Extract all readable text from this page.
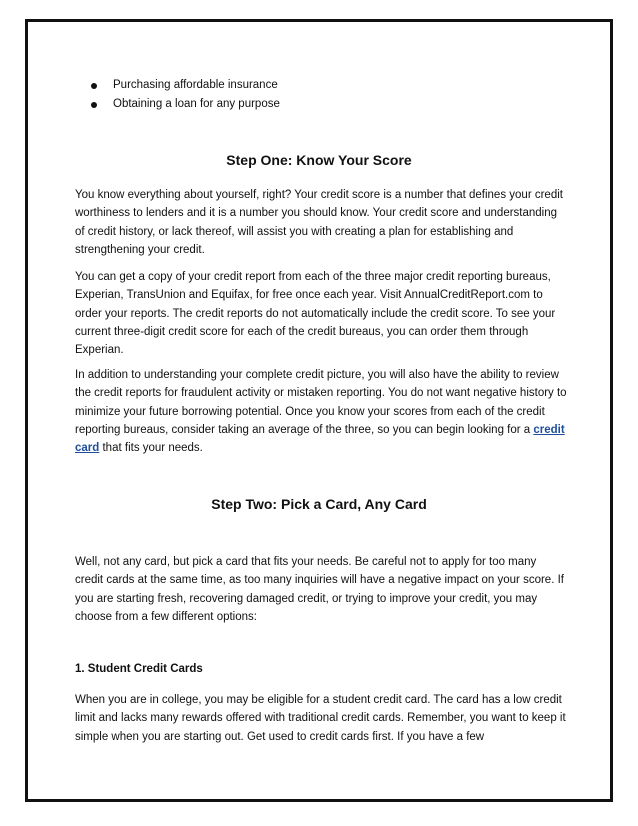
Purchasing affordable insurance
Obtaining a loan for any purpose
Step One: Know Your Score

You know everything about yourself, right? Your credit score is a number that defines your credit worthiness to lenders and it is a number you should know. Your credit score and understanding of credit history, or lack thereof, will assist you with creating a plan for establishing and strengthening your credit.

You can get a copy of your credit report from each of the three major credit reporting bureaus, Experian, TransUnion and Equifax, for free once each year. Visit AnnualCreditReport.com to order your reports. The credit reports do not automatically include the credit score. To see your current three-digit credit score for each of the credit bureaus, you can order them through Experian.

In addition to understanding your complete credit picture, you will also have the ability to review the credit reports for fraudulent activity or mistaken reporting. You do not want negative history to minimize your future borrowing potential. Once you know your scores from each of the credit reporting bureaus, consider taking an average of the three, so you can begin looking for a credit card that fits your needs.

Step Two: Pick a Card, Any Card

Well, not any card, but pick a card that fits your needs. Be careful not to apply for too many credit cards at the same time, as too many inquiries will have a negative impact on your score. If you are starting fresh, recovering damaged credit, or trying to improve your credit, you may choose from a few different options:

1. Student Credit Cards

When you are in college, you may be eligible for a student credit card. The card has a low credit limit and lacks many rewards offered with traditional credit cards. Remember, you want to keep it simple when you are starting out. Get used to credit cards first. If you have a few
